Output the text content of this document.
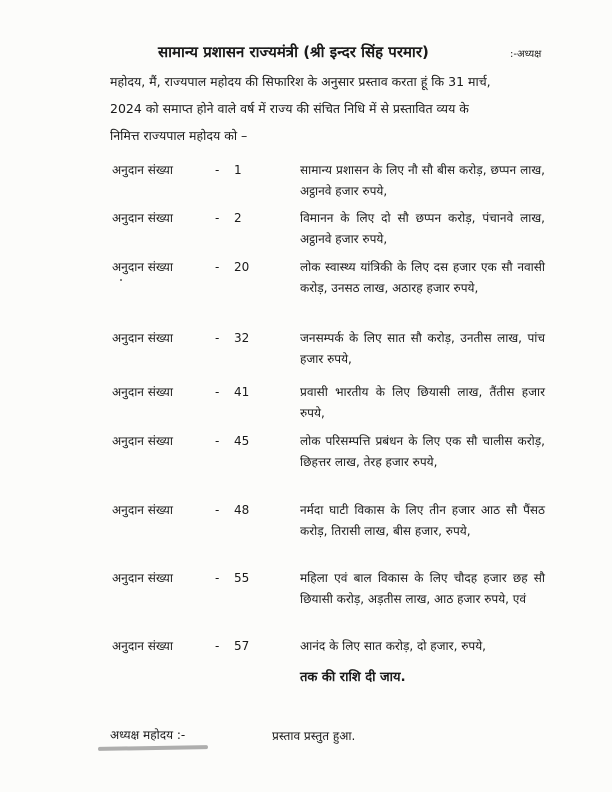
सामान्य प्रशासन राज्यमंत्री (श्री इन्दर सिंह परमार)	:-अध्यक्ष

महोदय, मैं, राज्यपाल महोदय की सिफारिश के अनुसार प्रस्ताव करता हूं कि 31 मार्च,

2024 को समाप्त होने वाले वर्ष में राज्य की संचित निधि में से प्रस्तावित व्यय के

निमित्त राज्यपाल महोदय को –

अनुदान संख्या	- 1	सामान्य प्रशासन के लिए नौ सौ बीस करोड़, छप्पन लाख, अट्ठानवे हजार रुपये,
अनुदान संख्या	- 2	विमानन के लिए दो सौ छप्पन करोड़, पंचानवे लाख, अट्ठानवे हजार रुपये,
अनुदान संख्या	- 20	लोक स्वास्थ्य यांत्रिकी के लिए दस हजार एक सौ नवासी करोड़, उनसठ लाख, अठारह हजार रुपये,
अनुदान संख्या	- 32	जनसम्पर्क के लिए सात सौ करोड़, उनतीस लाख, पांच हजार रुपये,
अनुदान संख्या	- 41	प्रवासी भारतीय के लिए छियासी लाख, तैंतीस हजार रुपये,
अनुदान संख्या	- 45	लोक परिसम्पत्ति प्रबंधन के लिए एक सौ चालीस करोड़, छिहत्तर लाख, तेरह हजार रुपये,
अनुदान संख्या	- 48	नर्मदा घाटी विकास के लिए तीन हजार आठ सौ पैंसठ करोड़, तिरासी लाख, बीस हजार, रुपये,
अनुदान संख्या	- 55	महिला एवं बाल विकास के लिए चौदह हजार छह सौ छियासी करोड़, अड़तीस लाख, आठ हजार रुपये, एवं
अनुदान संख्या	- 57	आनंद के लिए सात करोड़, दो हजार, रुपये,
तक की राशि दी जाय.
अध्यक्ष महोदय :-	प्रस्ताव प्रस्तुत हुआ.
